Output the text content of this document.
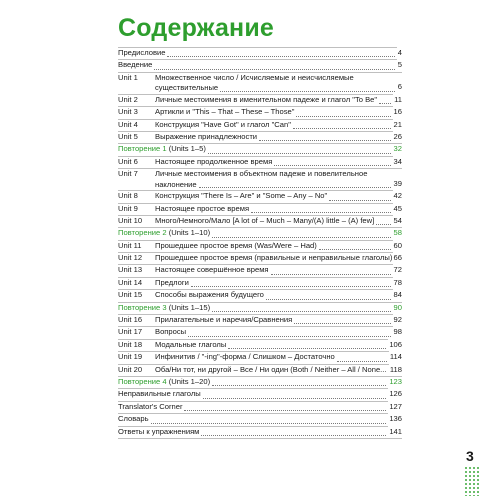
Содержание
Предисловие	4
Введение	5
Unit 1 Множественное число / Исчисляемые и неисчисляемые существительные	6
Unit 2 Личные местоимения в именительном падеже и глагол "To Be"	11
Unit 3 Артикли и "This – That – These – Those"	16
Unit 4 Конструкция "Have Got" и глагол "Can"	21
Unit 5 Выражение принадлежности	26
Повторение 1 (Units 1–5)	32
Unit 6 Настоящее продолженное время	34
Unit 7 Личные местоимения в объектном падеже и повелительное наклонение	39
Unit 8 Конструкция "There Is – Are" и "Some – Any – No"	42
Unit 9 Настоящее простое время	45
Unit 10 Много/Немного/Мало [A lot of – Much – Many/(A) little – (A) few]	54
Повторение 2 (Units 1–10)	58
Unit 11 Прошедшее простое время (Was/Were – Had)	60
Unit 12 Прошедшее простое время (правильные и неправильные глаголы) 66
Unit 13 Настоящее совершённое время	72
Unit 14 Предлоги	78
Unit 15 Способы выражения будущего	84
Повторение 3 (Units 1–15)	90
Unit 16 Прилагательные и наречия/Сравнения	92
Unit 17 Вопросы	98
Unit 18 Модальные глаголы	106
Unit 19 Инфинитив / "-ing"-форма / Слишком – Достаточно	114
Unit 20 Оба/Ни тот, ни другой – Все / Ни один (Both / Neither – All / None... 118
Повторение 4 (Units 1–20)	123
Неправильные глаголы	126
Translator's Corner	127
Словарь	136
Ответы к упражнениям	141
3
